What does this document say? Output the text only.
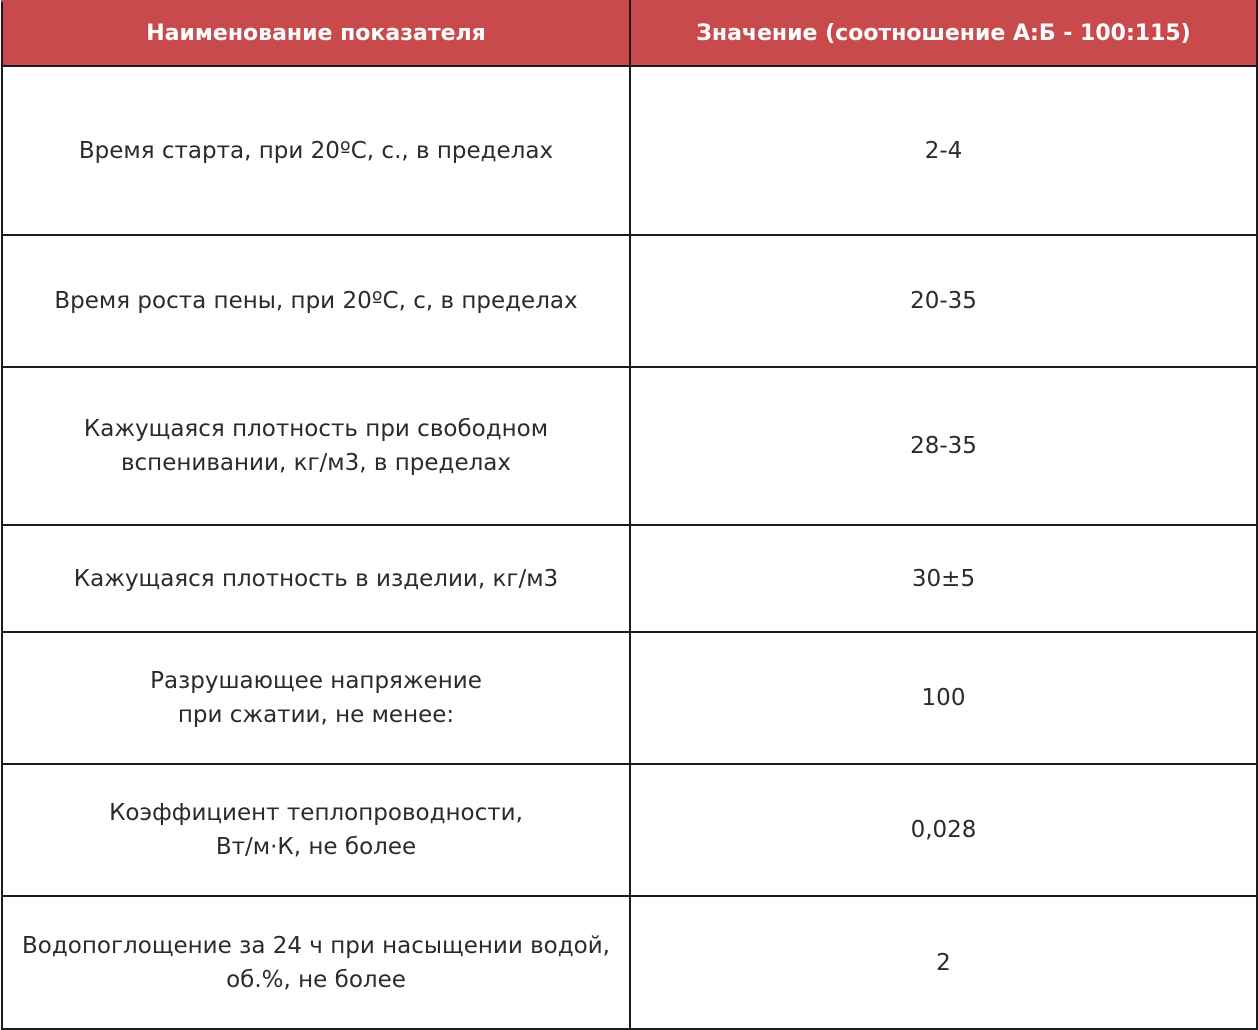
Наименование показателя	Значение (соотношение А:Б - 100:115)
Время старта, при 20ºС, с., в пределах	2-4
Время роста пены, при 20ºС, с, в пределах	20-35
Кажущаяся плотность при свободном
вспенивании, кг/м3, в пределах	28-35
Кажущаяся плотность в изделии, кг/м3	30±5
Разрушающее напряжение
при сжатии, не менее:	100
Коэффициент теплопроводности,
Вт/м·К, не более	0,028
Водопоглощение за 24 ч при насыщении водой,
об.%, не более	2
